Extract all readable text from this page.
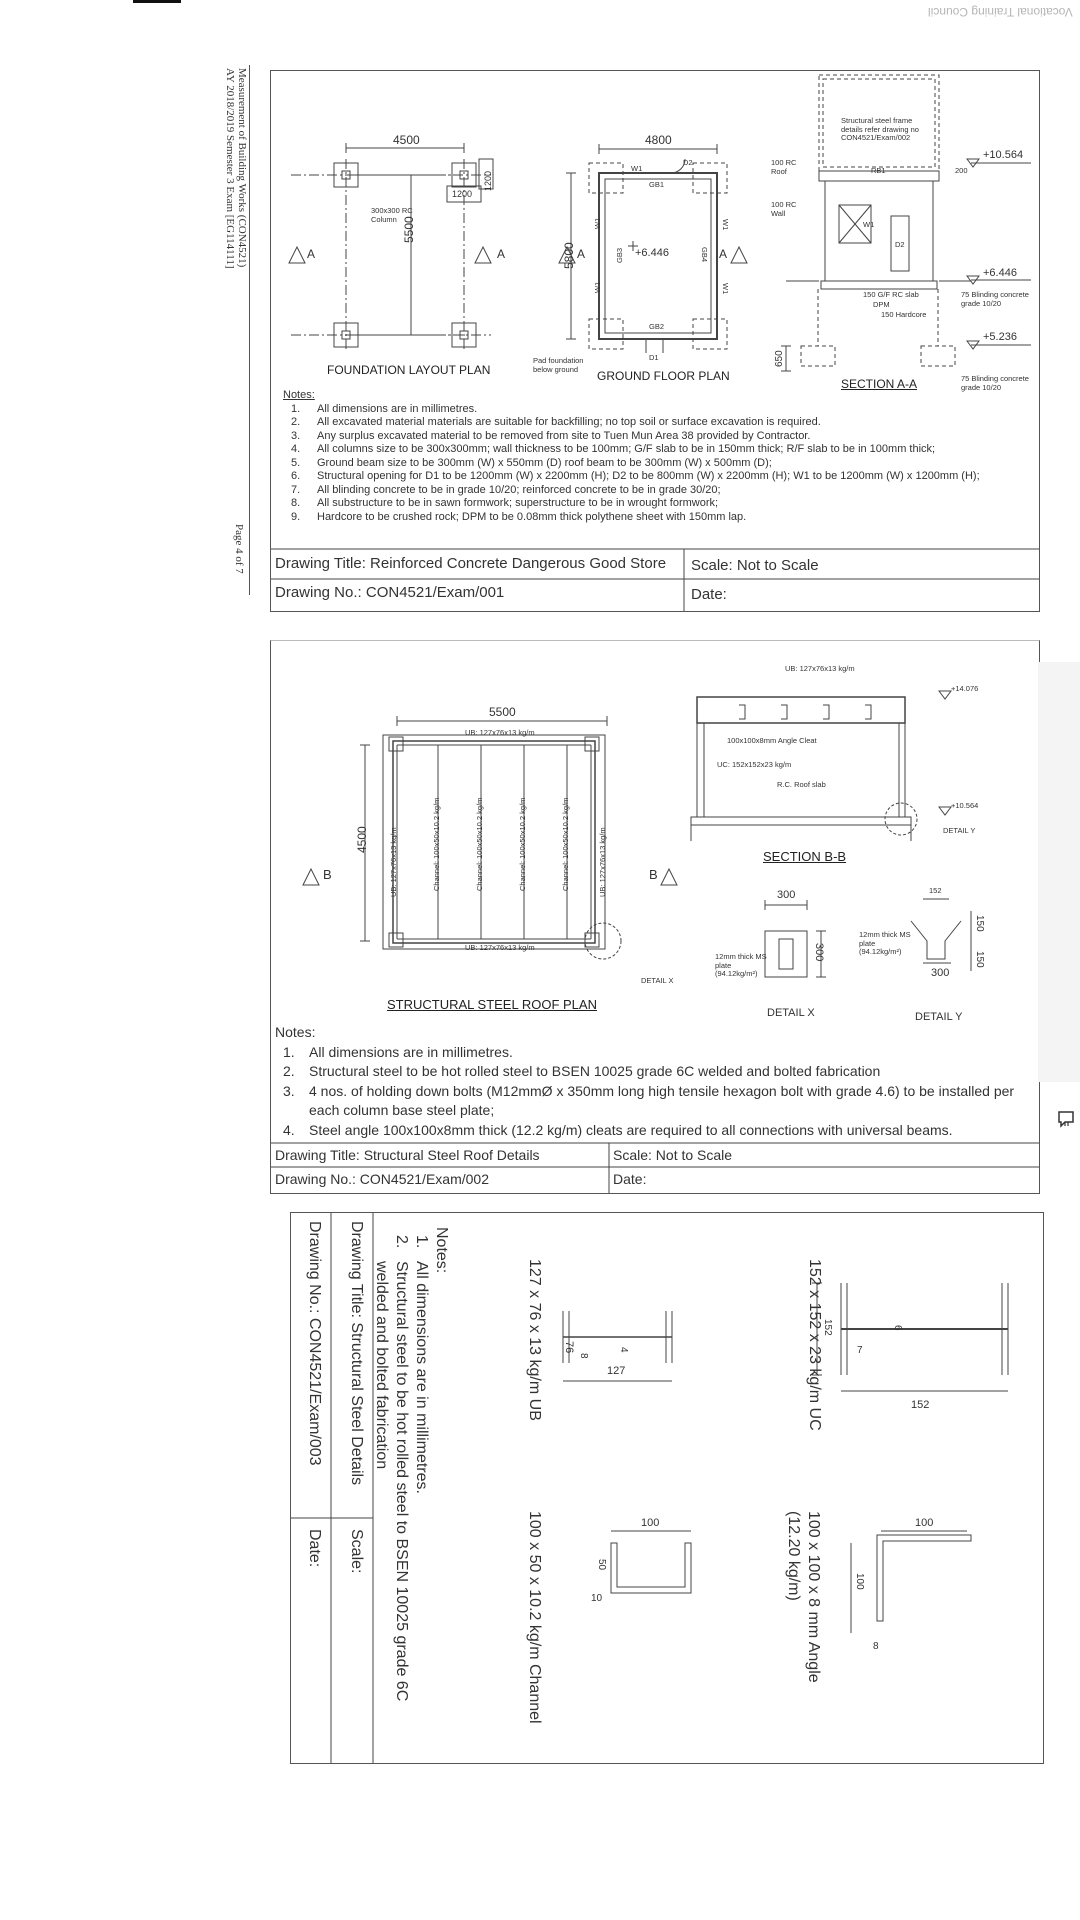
Vocational Training Council
Measurement of Building Works (CON4521)
AY 2018/2019 Semester 3 Exam [EG114111]
Page 4 of 7
FOUNDATION LAYOUT PLAN
4500
5500
1200
1200
300x300 RC Column
A	A
GROUND FLOOR PLAN
4800
5800	+6.446
Pad foundation below ground
D1
D2
W1
GB1
GB2
GB3	GB4
W1
W1
W1
W1
A	A
SECTION A-A
Structural steel frame details refer drawing no CON4521/Exam/002
100 RC Roof
100 RC Wall
+10.564
+6.446
+5.236
RB1
D2
W1
200
650
150 G/F RC slab
DPM
150 Hardcore
75 Blinding concrete grade 10/20
75 Blinding concrete grade 10/20
Notes:
1. All dimensions are in millimetres.
2. All excavated material materials are suitable for backfilling; no top soil or surface excavation is required.
3. Any surplus excavated material to be removed from site to Tuen Mun Area 38 provided by Contractor.
4. All columns size to be 300x300mm; wall thickness to be 100mm; G/F slab to be in 150mm thick; R/F slab to be in 100mm thick;
5. Ground beam size to be 300mm (W) x 550mm (D) roof beam to be 300mm (W) x 500mm (D);
6. Structural opening for D1 to be 1200mm (W) x 2200mm (H); D2 to be 800mm (W) x 2200mm (H); W1 to be 1200mm (W) x 1200mm (H);
7. All blinding concrete to be in grade 10/20; reinforced concrete to be in grade 30/20;
8. All substructure to be in sawn formwork; superstructure to be in wrought formwork;
9. Hardcore to be crushed rock; DPM to be 0.08mm thick polythene sheet with 150mm lap.
Drawing Title: Reinforced Concrete Dangerous Good Store Scale: Not to Scale
Drawing No.: CON4521/Exam/001	Date:
STRUCTURAL STEEL ROOF PLAN
5500
4500
UB: 127x76x13 kg/m
UB: 127x76x13 kg/m
UB: 127x76x13 kg/m	UB: 127x76x13 kg/m
Channel: 100x50x10.2 kg/m	Channel: 100x50x10.2 kg/m	Channel: 100x50x10.2 kg/m	Channel: 100x50x10.2 kg/m
B	B
DETAIL X
SECTION B-B
UB: 127x76x13 kg/m
100x100x8mm Angle Cleat
UC: 152x152x23 kg/m
R.C. Roof slab
+14.076
+10.564
DETAIL Y
DETAIL X
300
300
12mm thick MS plate (94.12kg/m²)
DETAIL Y
152
150
150
300
12mm thick MS plate (94.12kg/m²)
Notes:
1. All dimensions are in millimetres.
2. Structural steel to be hot rolled steel to BSEN 10025 grade 6C welded and bolted fabrication
3. 4 nos. of holding down bolts (M12mmØ x 350mm long high tensile hexagon bolt with grade 4.6) to be installed per each column base steel plate;
4. Steel angle 100x100x8mm thick (12.2 kg/m) cleats are required to all connections with universal beams.
Drawing Title: Structural Steel Roof Details	Scale: Not to Scale
Drawing No.: CON4521/Exam/002	Date:
Drawing No.: CON4521/Exam/003
Date:
Drawing Title: Structural Steel Details
Scale:
Notes:
1.
All dimensions are in millimetres.
2.
Structural steel to be hot rolled steel to BSEN 10025 grade 6C welded and bolted fabrication	127 x 76 x 13 kg/m UB	127
76
8
4	152 x 152 x 23 kg/m UC	152
152
7
6
100 x 50 x 10.2 kg/m Channel	100
50
10	100 x 100 x 8 mm Angle (12.20 kg/m)	100
100
8
